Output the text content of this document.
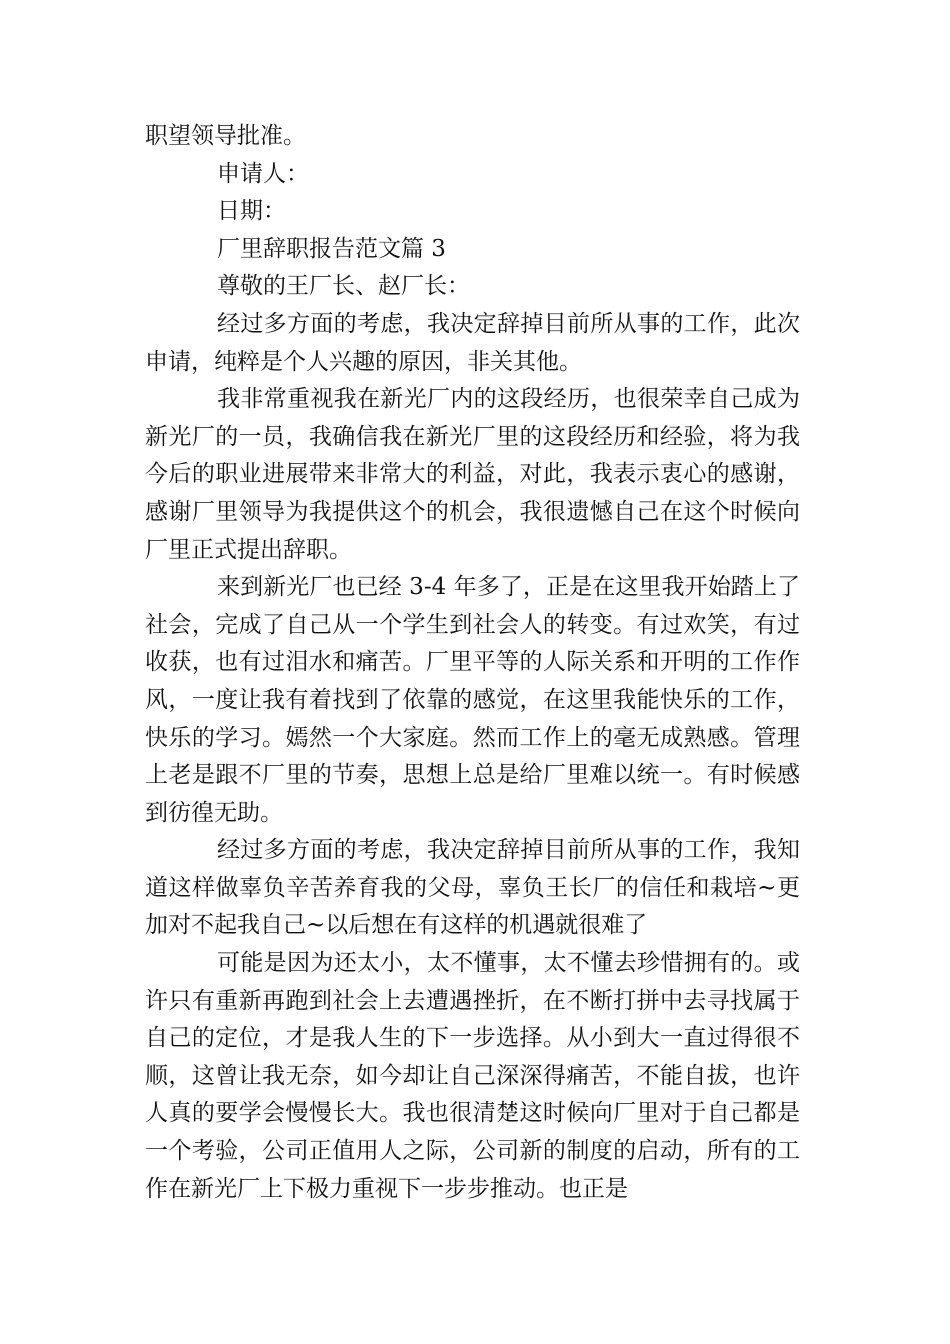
职望领导批准。
申请人：
日期：
厂里辞职报告范文篇 3
尊敬的王厂长、赵厂长：

经过多方面的考虑，我决定辞掉目前所从事的工作，此次申请，纯粹是个人兴趣的原因，非关其他。

我非常重视我在新光厂内的这段经历，也很荣幸自己成为新光厂的一员，我确信我在新光厂里的这段经历和经验，将为我今后的职业进展带来非常大的利益，对此，我表示衷心的感谢，感谢厂里领导为我提供这个的机会，我很遗憾自己在这个时候向厂里正式提出辞职。

来到新光厂也已经 3-4 年多了，正是在这里我开始踏上了社会，完成了自己从一个学生到社会人的转变。有过欢笑，有过收获，也有过泪水和痛苦。厂里平等的人际关系和开明的工作作风，一度让我有着找到了依靠的感觉，在这里我能快乐的工作，快乐的学习。嫣然一个大家庭。然而工作上的毫无成熟感。管理上老是跟不厂里的节奏，思想上总是给厂里难以统一。有时候感到彷徨无助。

经过多方面的考虑，我决定辞掉目前所从事的工作，我知道这样做辜负辛苦养育我的父母，辜负王长厂的信任和栽培~更加对不起我自己~以后想在有这样的机遇就很难了

可能是因为还太小，太不懂事，太不懂去珍惜拥有的。或许只有重新再跑到社会上去遭遇挫折，在不断打拼中去寻找属于自己的定位，才是我人生的下一步选择。从小到大一直过得很不顺，这曾让我无奈，如今却让自己深深得痛苦，不能自拔，也许人真的要学会慢慢长大。我也很清楚这时候向厂里对于自己都是一个考验，公司正值用人之际，公司新的制度的启动，所有的工作在新光厂上下极力重视下一步步推动。也正是
